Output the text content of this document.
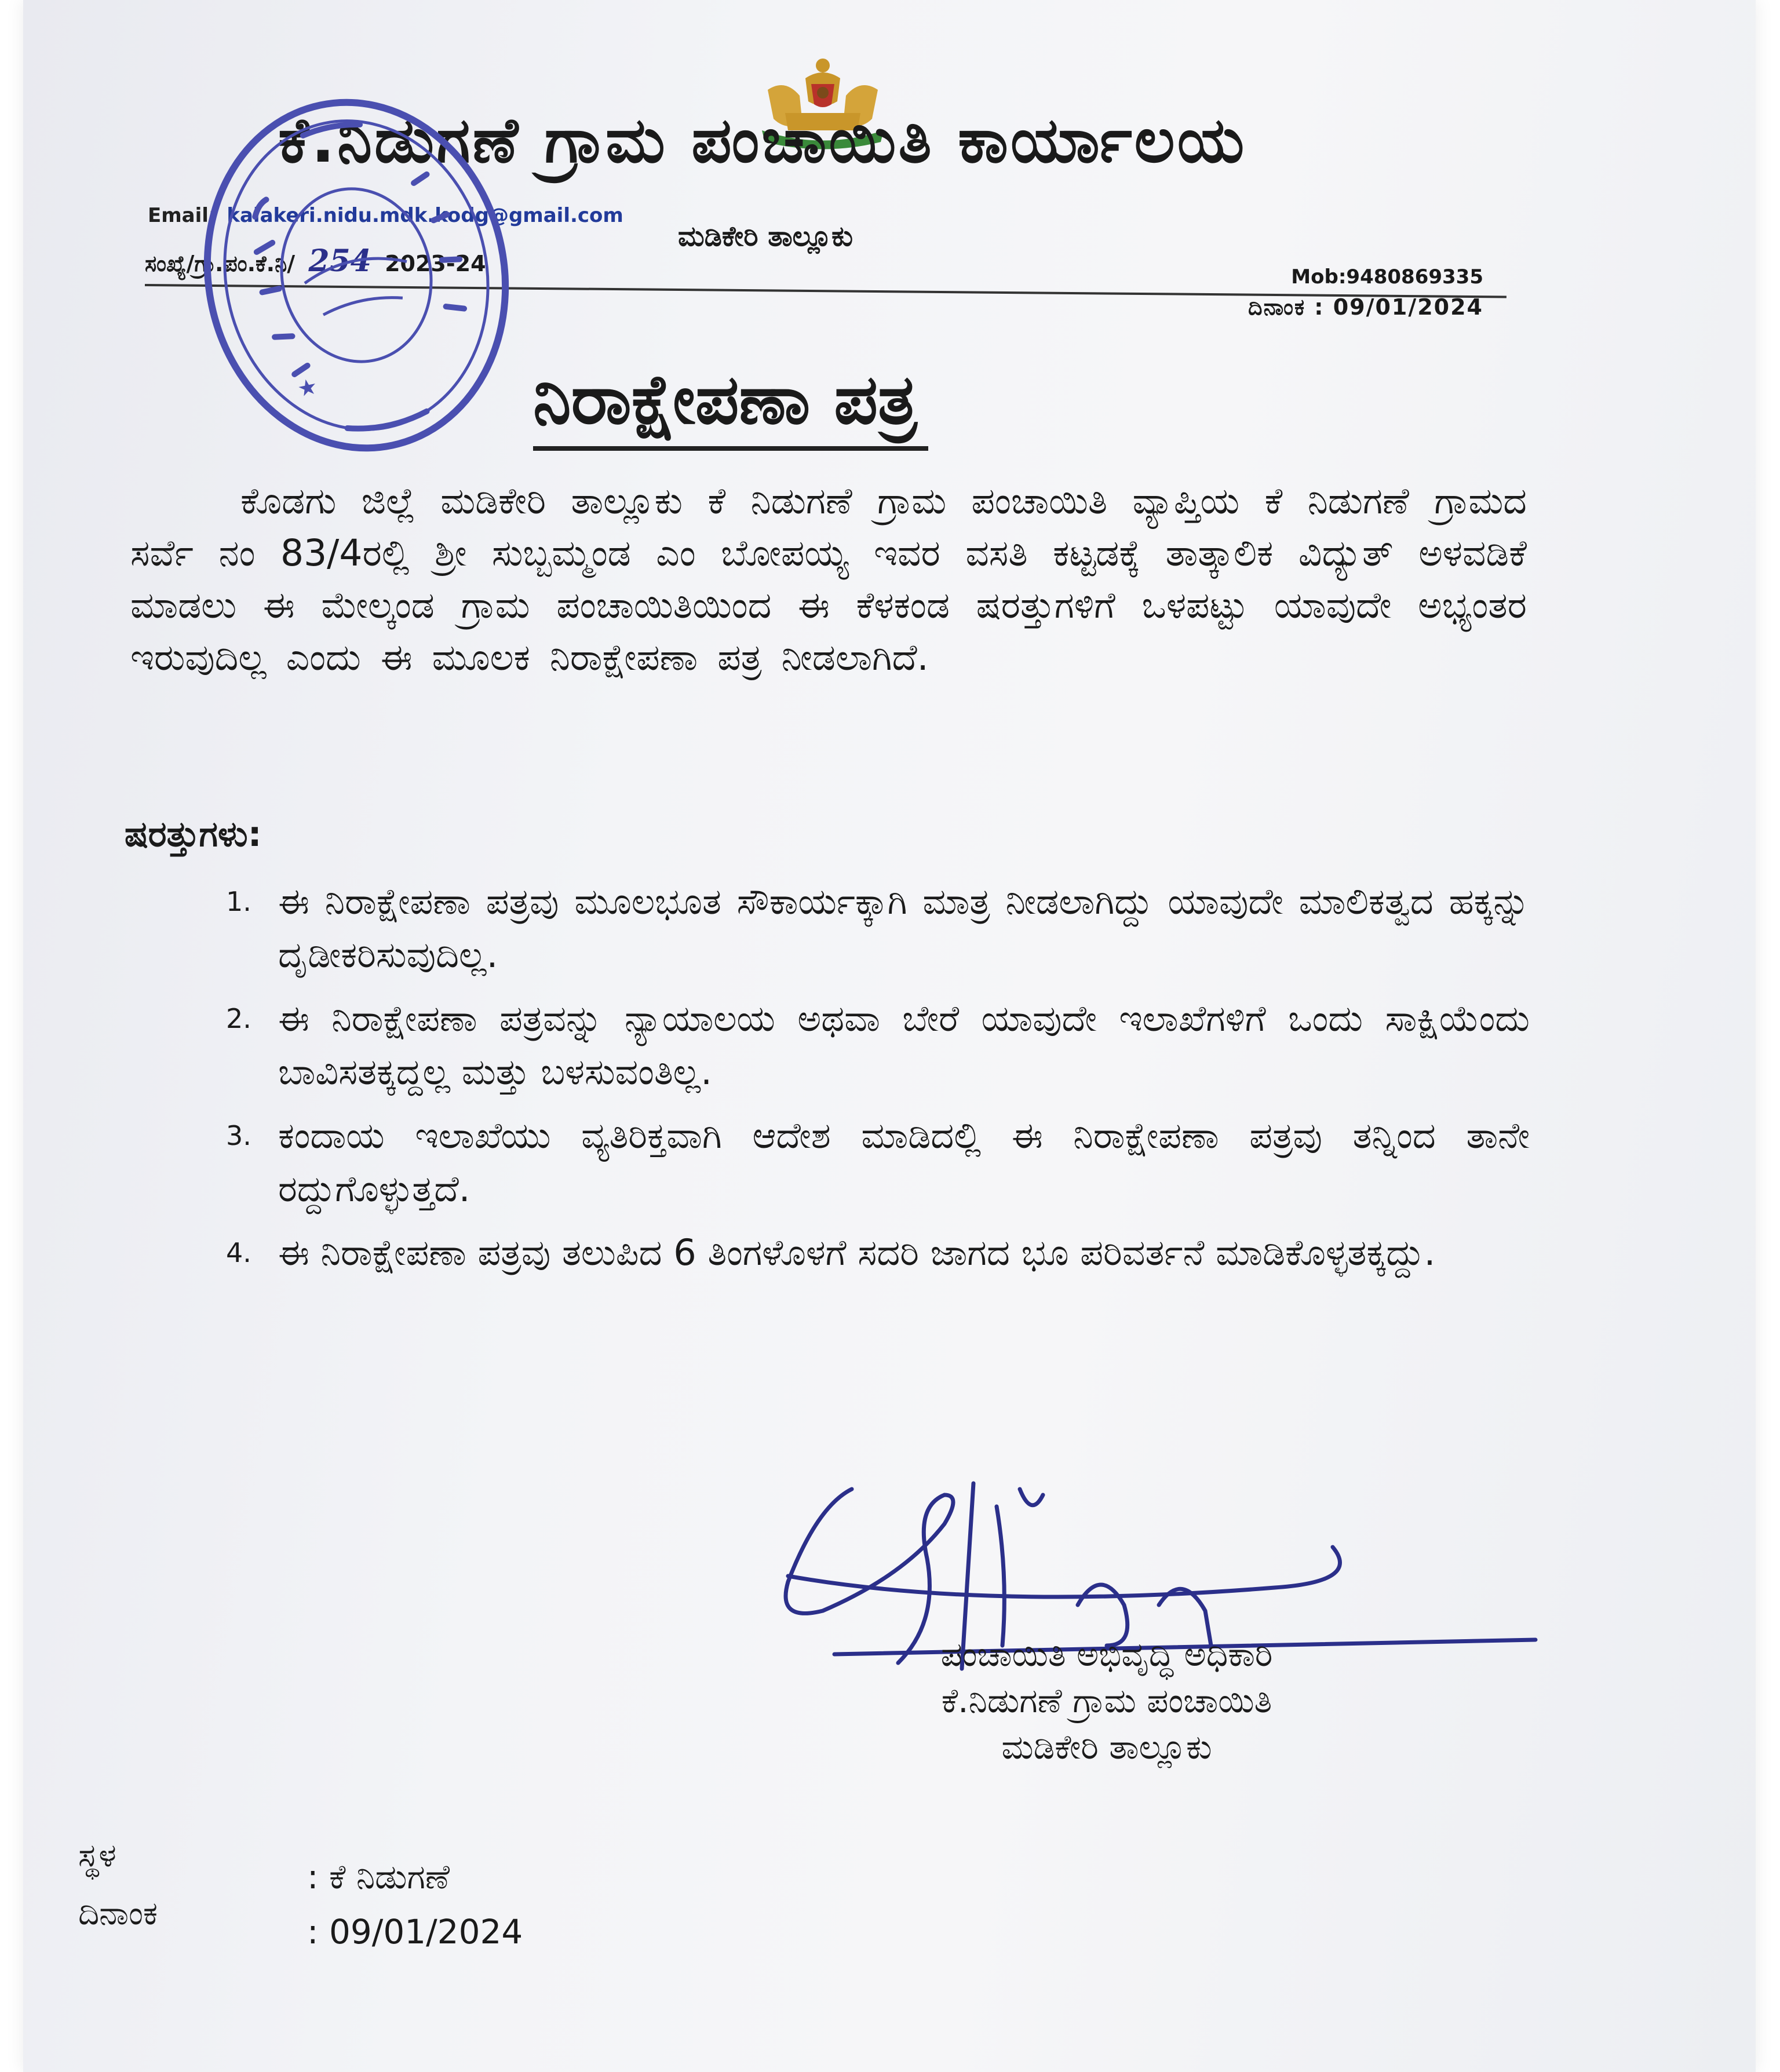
ಕೆ.ನಿಡುಗಣೆ ಗ್ರಾಮ ಪಂಚಾಯಿತಿ ಕಾರ್ಯಾಲಯ
ಮಡಿಕೇರಿ ತಾಲ್ಲೂಕು
Email: kalakeri.nidu.mdk.kodg@gmail.com
ಸಂಖ್ಯೆ/ಗ್ರಾ.ಪಂ.ಕೆ.ನಿ/ 254 2023-24
Mob:9480869335
ದಿನಾಂಕ : 09/01/2024
★	ನಿರಾಕ್ಷೇಪಣಾ ಪತ್ರ
ಕೊಡಗು ಜಿಲ್ಲೆ ಮಡಿಕೇರಿ ತಾಲ್ಲೂಕು ಕೆ ನಿಡುಗಣೆ ಗ್ರಾಮ ಪಂಚಾಯಿತಿ ವ್ಯಾಪ್ತಿಯ ಕೆ ನಿಡುಗಣೆ ಗ್ರಾಮದ ಸರ್ವೆ ನಂ 83/4ರಲ್ಲಿ ಶ್ರೀ ಸುಬ್ಬಮ್ಮಂಡ ಎಂ ಬೋಪಯ್ಯ ಇವರ ವಸತಿ ಕಟ್ಟಡಕ್ಕೆ ತಾತ್ಕಾಲಿಕ ವಿದ್ಯುತ್ ಅಳವಡಿಕೆ ಮಾಡಲು ಈ ಮೇಲ್ಕಂಡ ಗ್ರಾಮ ಪಂಚಾಯಿತಿಯಿಂದ ಈ ಕೆಳಕಂಡ ಷರತ್ತುಗಳಿಗೆ ಒಳಪಟ್ಟು ಯಾವುದೇ ಅಭ್ಯಂತರ ಇರುವುದಿಲ್ಲ ಎಂದು ಈ ಮೂಲಕ ನಿರಾಕ್ಷೇಪಣಾ ಪತ್ರ ನೀಡಲಾಗಿದೆ.
ಷರತ್ತುಗಳು:
1. ಈ ನಿರಾಕ್ಷೇಪಣಾ ಪತ್ರವು ಮೂಲಭೂತ ಸೌಕಾರ್ಯಕ್ಕಾಗಿ ಮಾತ್ರ ನೀಡಲಾಗಿದ್ದು ಯಾವುದೇ ಮಾಲಿಕತ್ವದ ಹಕ್ಕನ್ನು ದೃಡೀಕರಿಸುವುದಿಲ್ಲ.
2. ಈ ನಿರಾಕ್ಷೇಪಣಾ ಪತ್ರವನ್ನು ನ್ಯಾಯಾಲಯ ಅಥವಾ ಬೇರೆ ಯಾವುದೇ ಇಲಾಖೆಗಳಿಗೆ ಒಂದು ಸಾಕ್ಷಿಯೆಂದು ಬಾವಿಸತಕ್ಕದ್ದಲ್ಲ ಮತ್ತು ಬಳಸುವಂತಿಲ್ಲ.
3. ಕಂದಾಯ ಇಲಾಖೆಯು ವ್ಯತಿರಿಕ್ತವಾಗಿ ಆದೇಶ ಮಾಡಿದಲ್ಲಿ ಈ ನಿರಾಕ್ಷೇಪಣಾ ಪತ್ರವು ತನ್ನಿಂದ ತಾನೇ ರದ್ದುಗೊಳ್ಳುತ್ತದೆ.
4. ಈ ನಿರಾಕ್ಷೇಪಣಾ ಪತ್ರವು ತಲುಪಿದ 6 ತಿಂಗಳೊಳಗೆ ಸದರಿ ಜಾಗದ ಭೂ ಪರಿವರ್ತನೆ ಮಾಡಿಕೊಳ್ಳತಕ್ಕದ್ದು.
ಪಂಚಾಯಿತಿ ಅಭಿವೃದ್ಧಿ ಅಧಿಕಾರಿ
ಕೆ.ನಿಡುಗಣೆ ಗ್ರಾಮ ಪಂಚಾಯಿತಿ
ಮಡಿಕೇರಿ ತಾಲ್ಲೂಕು
ಸ್ಥಳ
ದಿನಾಂಕ
: ಕೆ ನಿಡುಗಣೆ
: 09/01/2024
